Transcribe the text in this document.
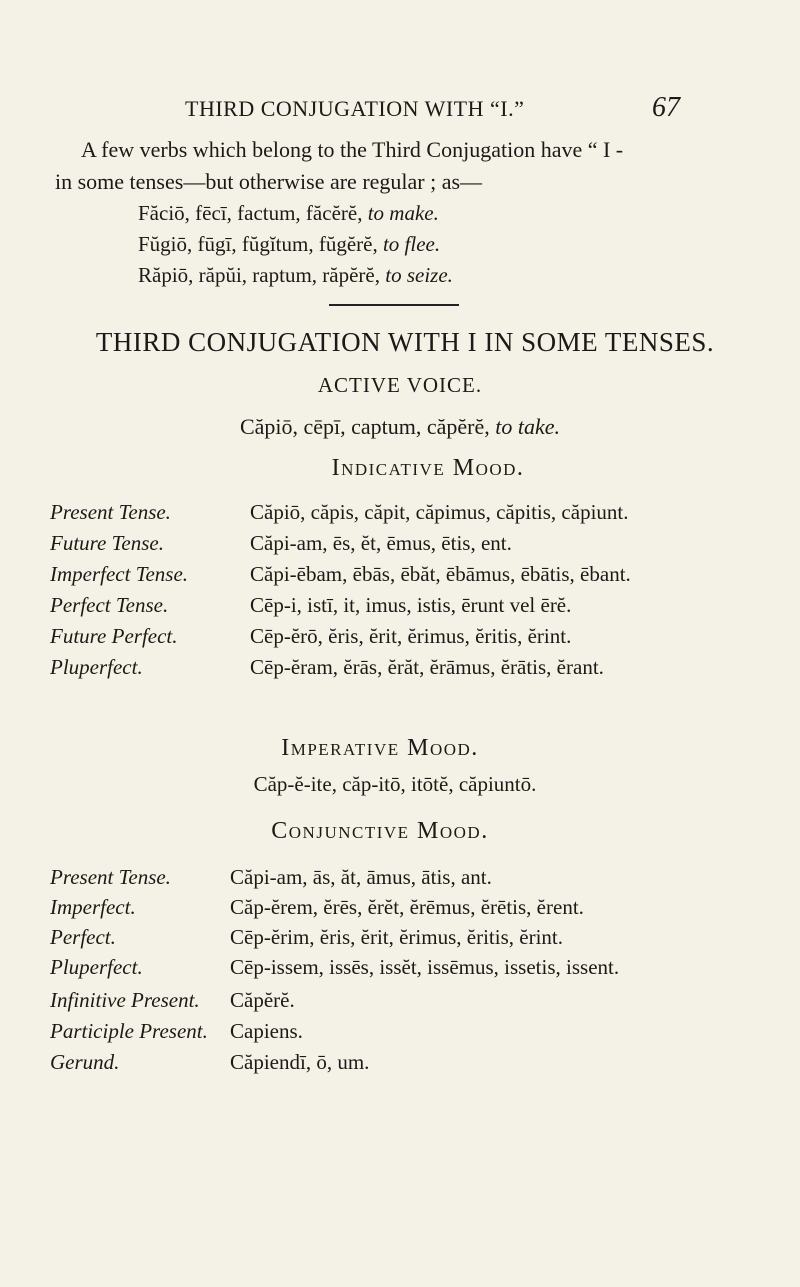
THIRD CONJUGATION WITH “I.”	67

A few verbs which belong to the Third Conjugation have “ I -

in some tenses—but otherwise are regular ; as—

Făciō, fēcī, factum, făcĕrĕ, to make.
Fŭgiō, fūgī, fŭgĭtum, fŭgĕrĕ, to flee.
Răpiō, răpŭi, raptum, răpĕrĕ, to seize.
THIRD CONJUGATION WITH I IN SOME TENSES.
ACTIVE VOICE.
Căpiō, cēpī, captum, căpĕrĕ, to take.
Indicative Mood.
Present Tense.	Căpiō, căpis, căpit, căpimus, căpitis, căpiunt.
Future Tense.	Căpi-am, ēs, ĕt, ēmus, ētis, ent.
Imperfect Tense.	Căpi-ēbam, ēbās, ēbăt, ēbāmus, ēbātis, ēbant.
Perfect Tense.	Cēp-i, istī, it, imus, istis, ērunt vel ērĕ.
Future Perfect.	Cēp-ĕrō, ĕris, ĕrit, ĕrimus, ĕritis, ĕrint.
Pluperfect.	Cēp-ĕram, ĕrās, ĕrăt, ĕrāmus, ĕrātis, ĕrant.
Imperative Mood.
Căp-ĕ-ite, căp-itō, itōtĕ, căpiuntō.
Conjunctive Mood.
Present Tense.	Căpi-am, ās, ăt, āmus, ātis, ant.
Imperfect.	Căp-ĕrem, ĕrēs, ĕrĕt, ĕrēmus, ĕrētis, ĕrent.
Perfect.	Cēp-ĕrim, ĕris, ĕrit, ĕrimus, ĕritis, ĕrint.
Pluperfect.	Cēp-issem, issēs, issĕt, issēmus, issetis, issent.
Infinitive Present.	Căpĕrĕ.
Participle Present.	Capiens.
Gerund.	Căpiendī, ō, um.
